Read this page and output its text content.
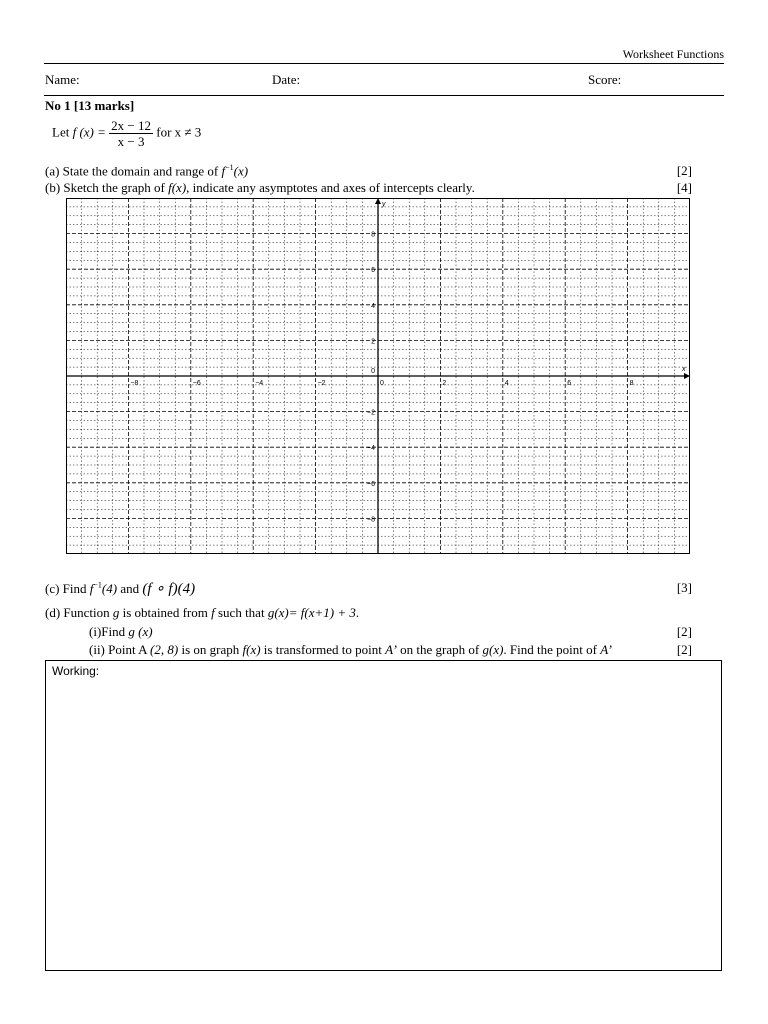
Worksheet Functions
Name:	Date:	Score:
No 1 [13 marks]
Let f $(x) = \frac{2x - 12}{x - 3}$ for x ≠ 3
(a) State the domain and range of $f^{-1}(x)$	[2]
(b) Sketch the graph of f(x), indicate any asymptotes and axes of intercepts clearly.	[4]
x
y
−8	−6	−4	−2	0	2	4	6	8
8
6
4
2
0
−2
−4
−6
−8
(c) Find $f^{-1}(4)$ and (f ∘ f)(4)	[3]
(d) Function g is obtained from f such that g(x)= f(x+1) + 3.
(i)Find g (x)	[2]
(ii) Point A (2, 8) is on graph f(x) is transformed to point A’ on the graph of g(x). Find the point of A’	[2]
Working:
